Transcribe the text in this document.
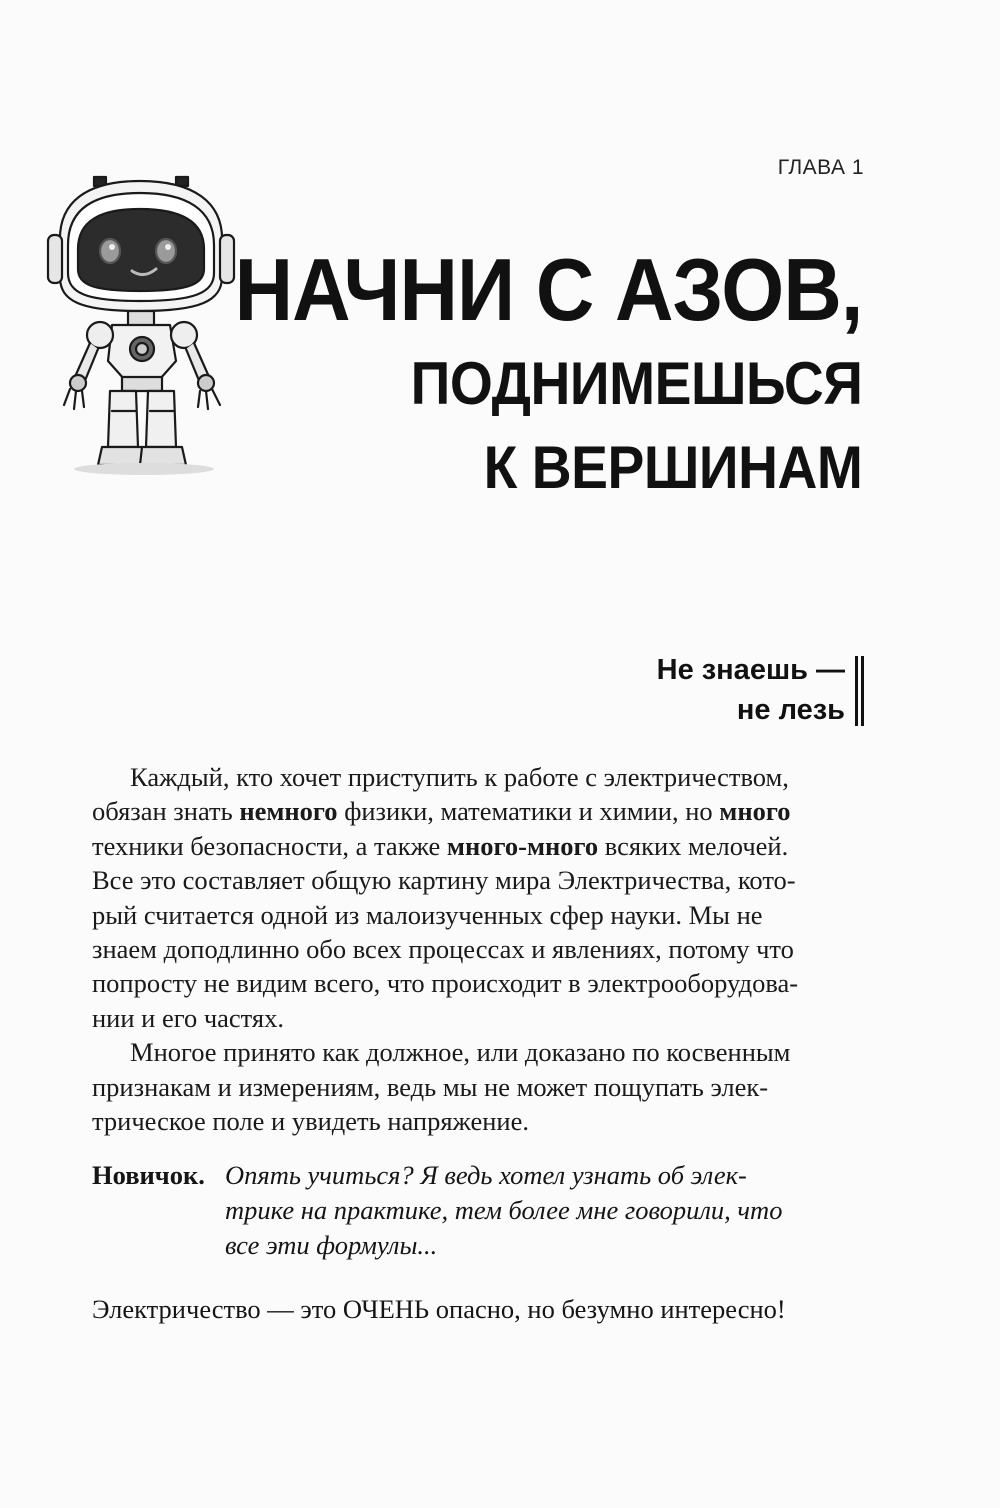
ГЛАВА 1
НАЧНИ С АЗОВ,
ПОДНИМЕШЬСЯ
К ВЕРШИНАМ
Не знаешь —
не лезь

Каждый, кто хочет приступить к работе с электричеством,
обязан знать немного физики, математики и химии, но много
техники безопасности, а также много-много всяких мелочей.
Все это составляет общую картину мира Электричества, кото-
рый считается одной из малоизученных сфер науки. Мы не
знаем доподлинно обо всех процессах и явлениях, потому что
попросту не видим всего, что происходит в электрооборудова-
нии и его частях.

Многое принято как должное, или доказано по косвенным
признакам и измерениям, ведь мы не может пощупать элек-
трическое поле и увидеть напряжение.

Новичок. Опять учиться? Я ведь хотел узнать об элек-
трике на практике, тем более мне говорили, что
все эти формулы...

Электричество — это ОЧЕНЬ опасно, но безумно интересно!
